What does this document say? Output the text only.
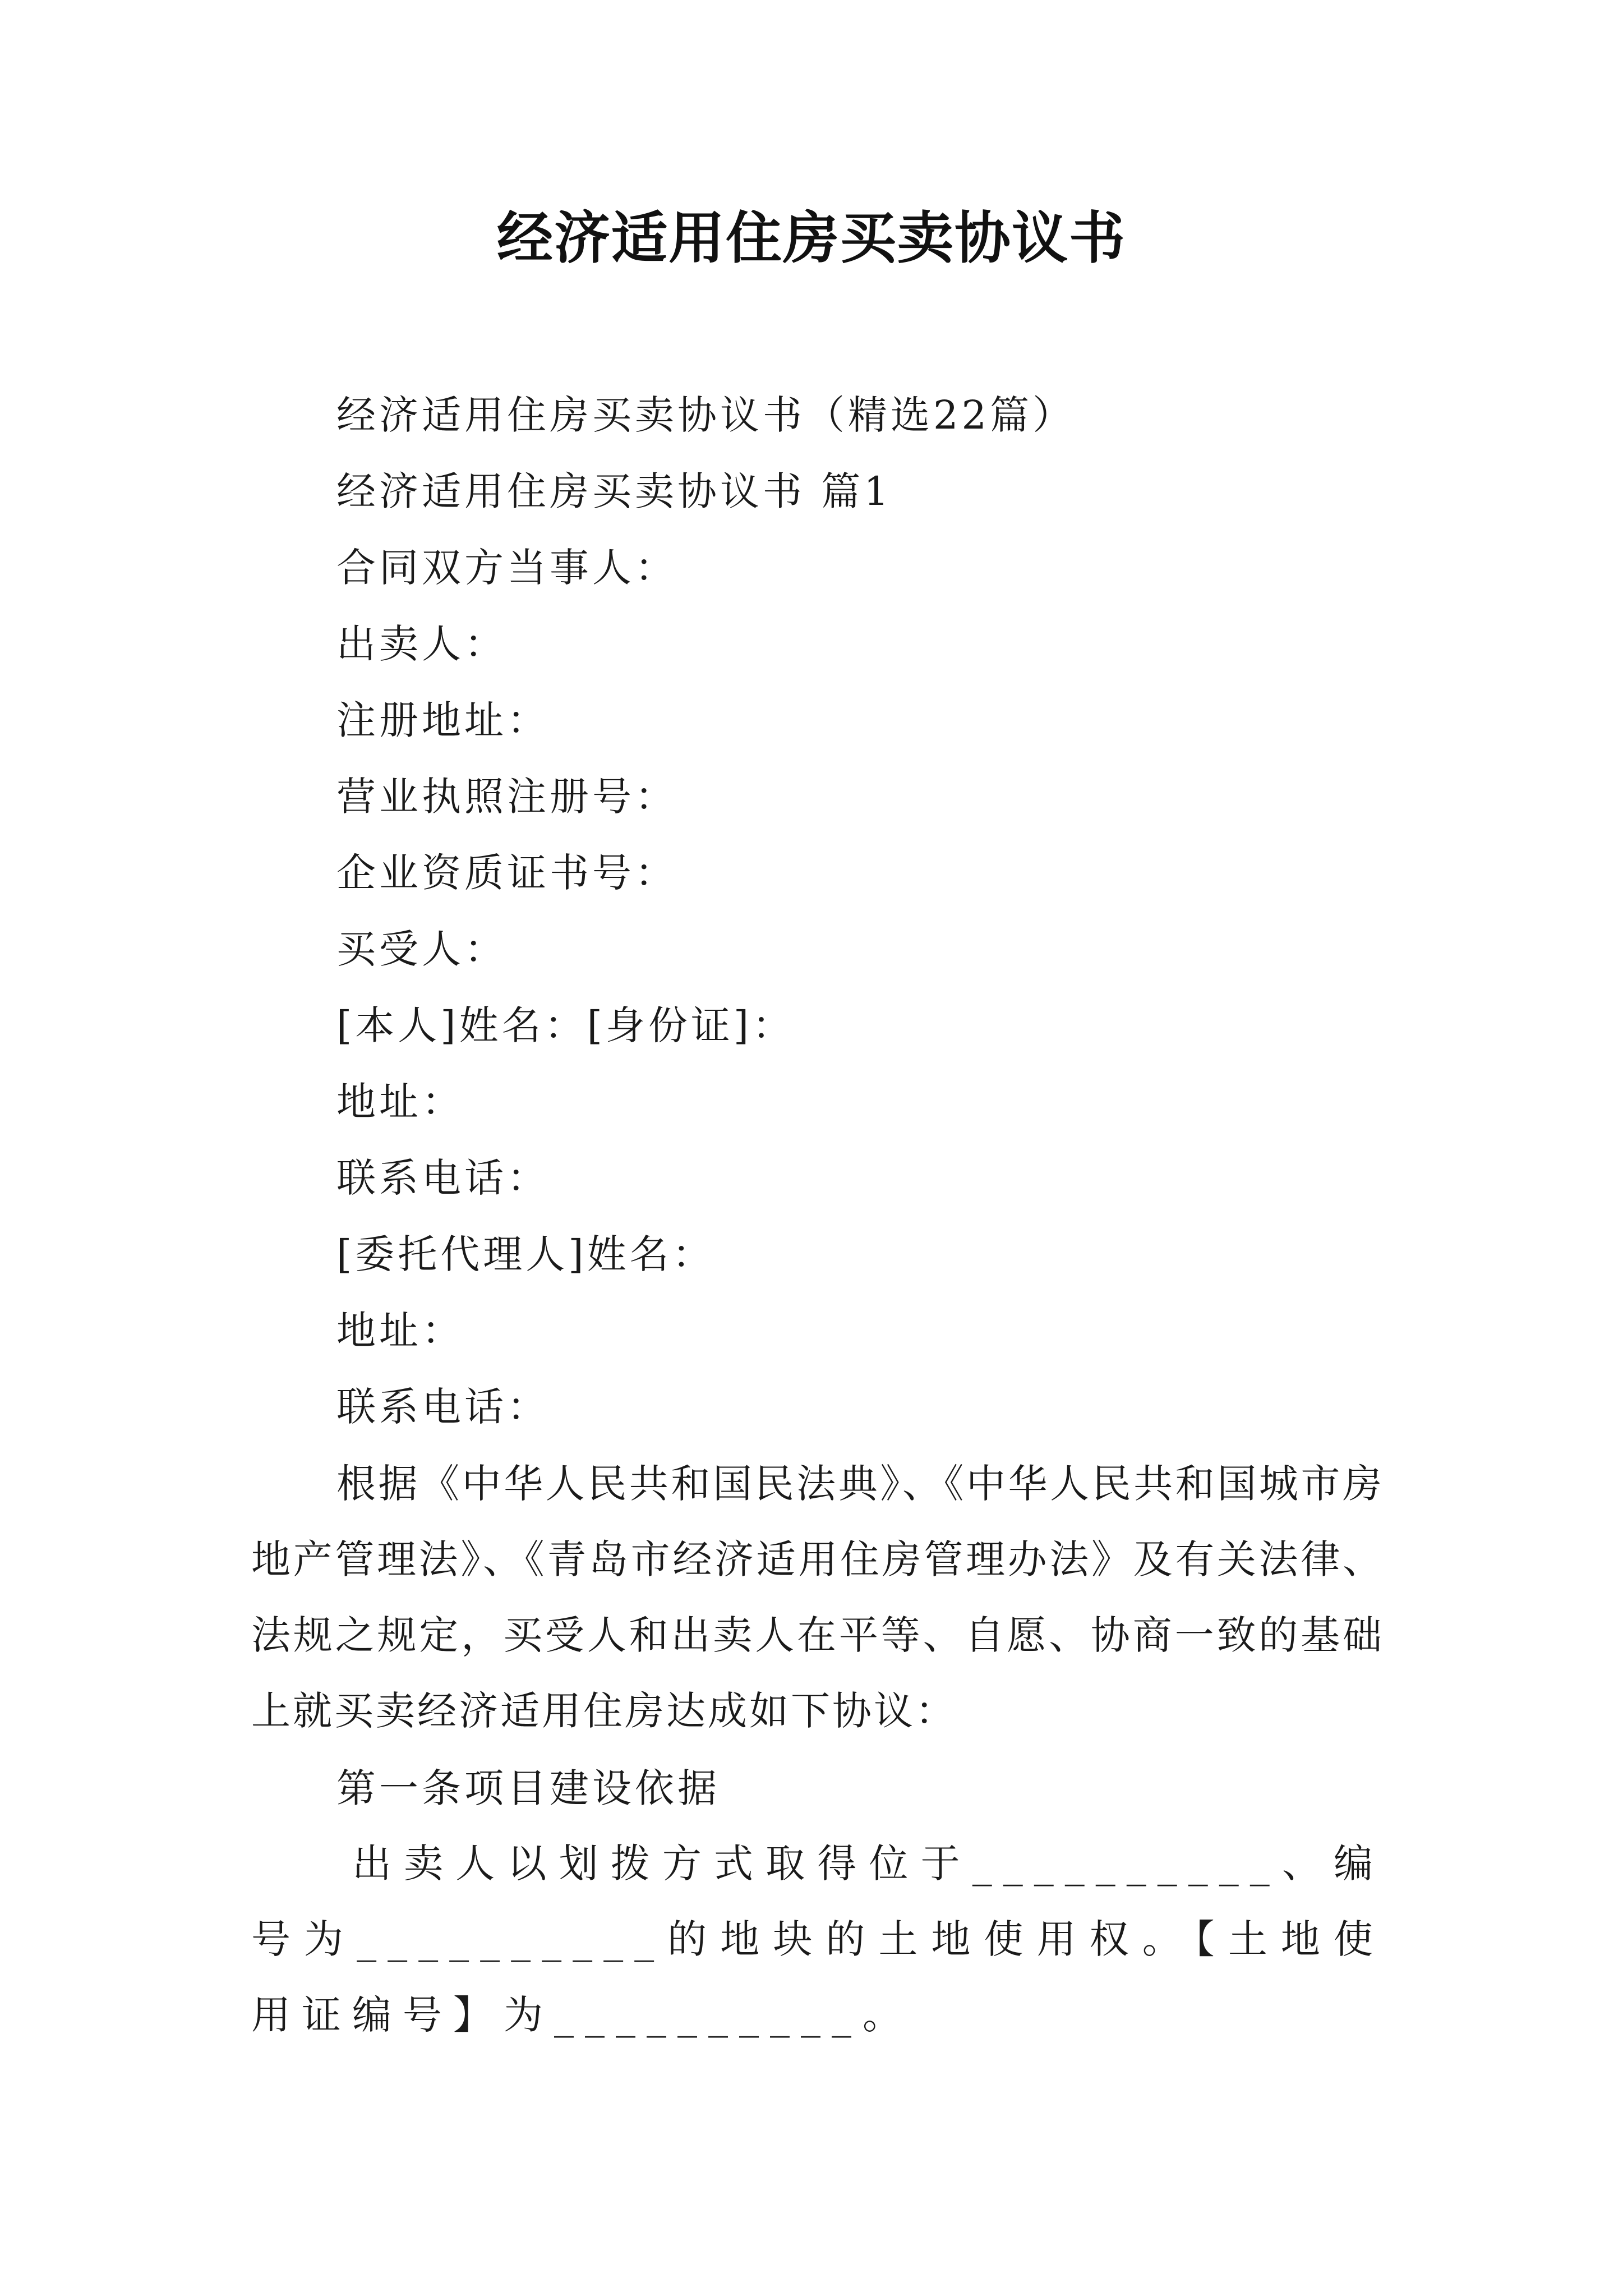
经济适用住房买卖协议书
经济适用住房买卖协议书（精选22篇）
经济适用住房买卖协议书 篇1
合同双方当事人：
出卖人：
注册地址：
营业执照注册号：
企业资质证书号：
买受人：
[本人]姓名：[身份证]：
地址：
联系电话：
[委托代理人]姓名：
地址：
联系电话：
根据《中华人民共和国民法典》、《中华人民共和国城市房地产管理法》、《青岛市经济适用住房管理办法》及有关法律、法规之规定，买受人和出卖人在平等、自愿、协商一致的基础上就买卖经济适用住房达成如下协议：
第一条项目建设依据
出卖人以划拨方式取得位于__________、编号为__________的地块的土地使用权。【土地使用证编号】为__________。
